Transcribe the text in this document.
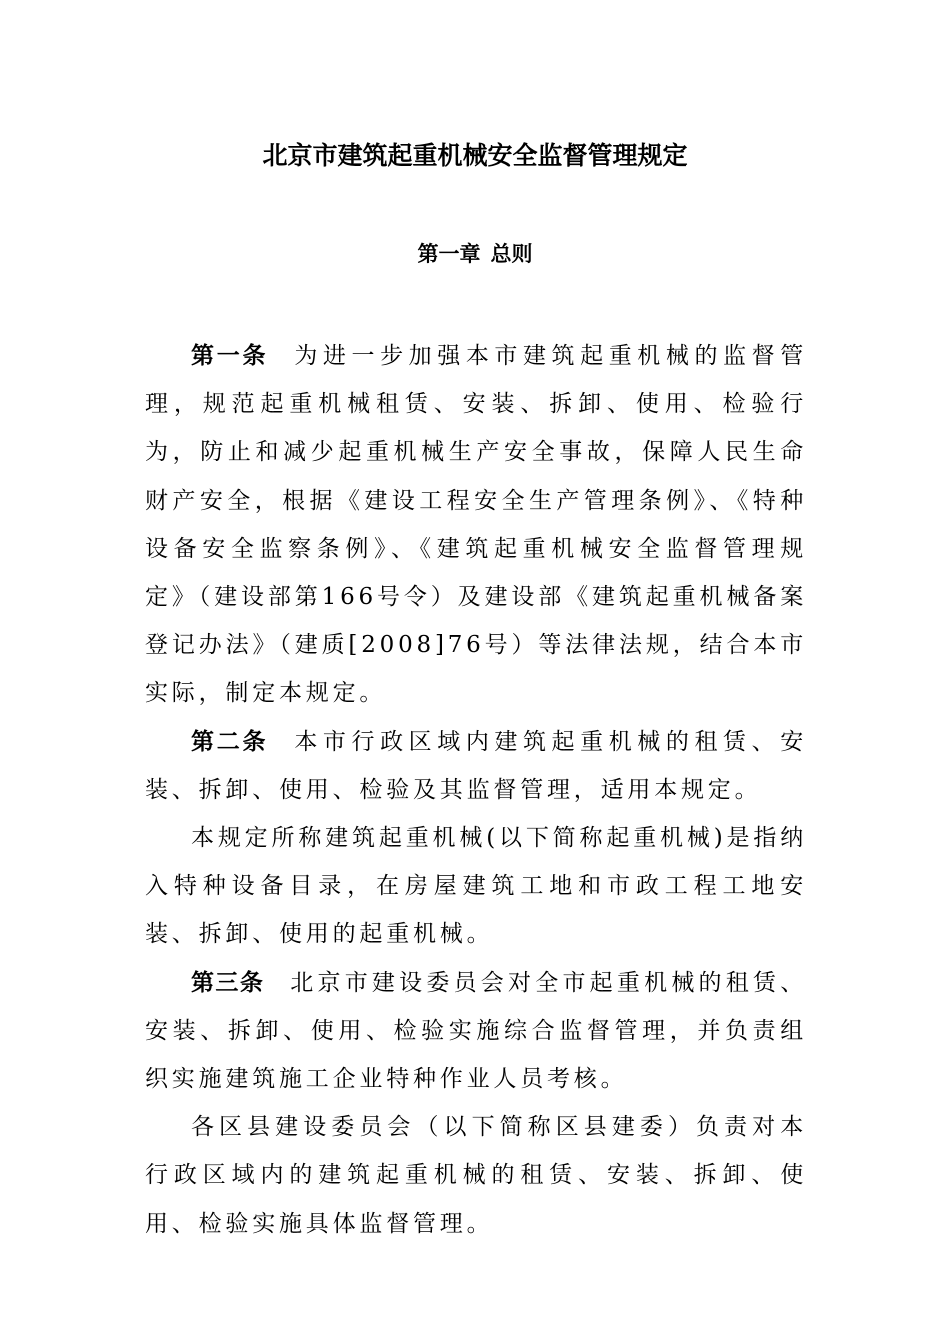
北京市建筑起重机械安全监督管理规定
第一章 总则

第一条 为进一步加强本市建筑起重机械的监督管理，规范起重机械租赁、安装、拆卸、使用、检验行为，防止和减少起重机械生产安全事故，保障人民生命财产安全，根据《建设工程安全生产管理条例》、《特种设备安全监察条例》、《建筑起重机械安全监督管理规定》（建设部第166号令）及建设部《建筑起重机械备案登记办法》（建质[2008]76号）等法律法规，结合本市实际，制定本规定。

第二条 本市行政区域内建筑起重机械的租赁、安装、拆卸、使用、检验及其监督管理，适用本规定。

本规定所称建筑起重机械(以下简称起重机械)是指纳入特种设备目录，在房屋建筑工地和市政工程工地安装、拆卸、使用的起重机械。

第三条 北京市建设委员会对全市起重机械的租赁、安装、拆卸、使用、检验实施综合监督管理，并负责组织实施建筑施工企业特种作业人员考核。

各区县建设委员会（以下简称区县建委）负责对本行政区域内的建筑起重机械的租赁、安装、拆卸、使用、检验实施具体监督管理。
